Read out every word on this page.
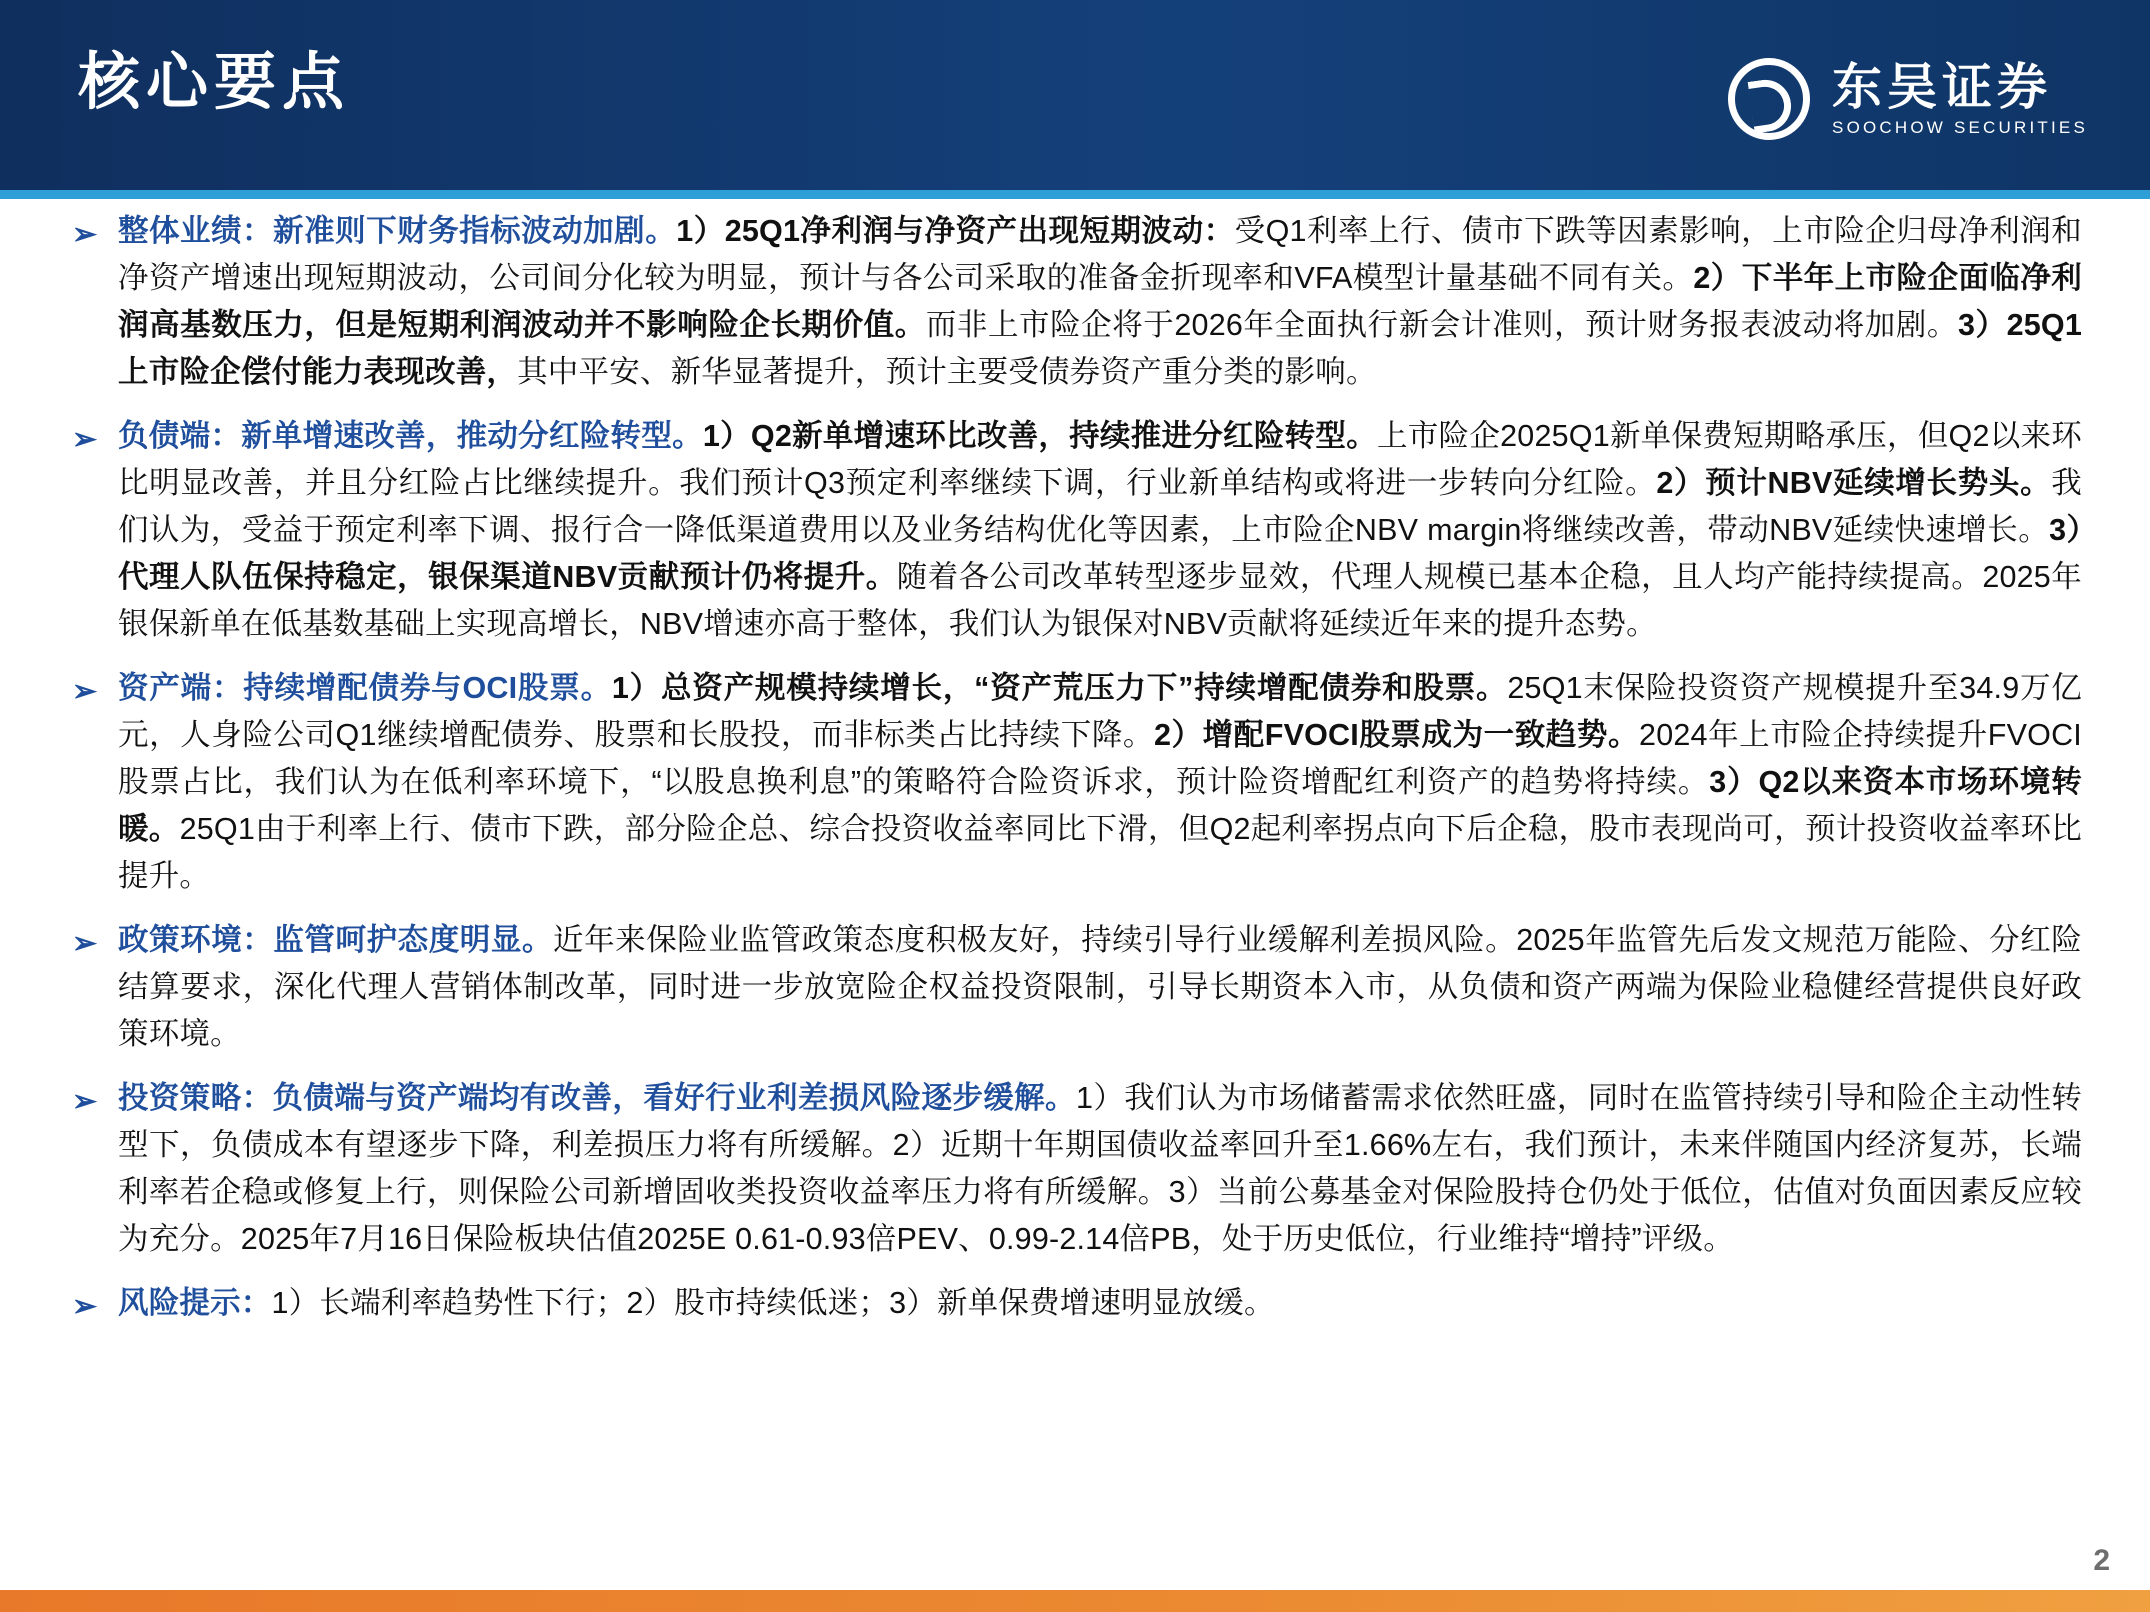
核心要点	东吴证券
SOOCHOW SECURITIES
➢ 整体业绩：新准则下财务指标波动加剧。1）25Q1净利润与净资产出现短期波动：受Q1利率上行、债市下跌等因素影响，上市险企归母净利润和净资产增速出现短期波动，公司间分化较为明显，预计与各公司采取的准备金折现率和VFA模型计量基础不同有关。2）下半年上市险企面临净利润高基数压力，但是短期利润波动并不影响险企长期价值。而非上市险企将于2026年全面执行新会计准则，预计财务报表波动将加剧。3）25Q1上市险企偿付能力表现改善，其中平安、新华显著提升，预计主要受债券资产重分类的影响。
➢ 负债端：新单增速改善，推动分红险转型。1）Q2新单增速环比改善，持续推进分红险转型。上市险企2025Q1新单保费短期略承压，但Q2以来环比明显改善，并且分红险占比继续提升。我们预计Q3预定利率继续下调，行业新单结构或将进一步转向分红险。2）预计NBV延续增长势头。我们认为，受益于预定利率下调、报行合一降低渠道费用以及业务结构优化等因素，上市险企NBV margin将继续改善，带动NBV延续快速增长。3）代理人队伍保持稳定，银保渠道NBV贡献预计仍将提升。随着各公司改革转型逐步显效，代理人规模已基本企稳，且人均产能持续提高。2025年银保新单在低基数基础上实现高增长，NBV增速亦高于整体，我们认为银保对NBV贡献将延续近年来的提升态势。
➢ 资产端：持续增配债券与OCI股票。1）总资产规模持续增长，“资产荒压力下”持续增配债券和股票。25Q1末保险投资资产规模提升至34.9万亿元，人身险公司Q1继续增配债券、股票和长股投，而非标类占比持续下降。2）增配FVOCI股票成为一致趋势。2024年上市险企持续提升FVOCI股票占比，我们认为在低利率环境下，“以股息换利息”的策略符合险资诉求，预计险资增配红利资产的趋势将持续。3）Q2以来资本市场环境转暖。25Q1由于利率上行、债市下跌，部分险企总、综合投资收益率同比下滑，但Q2起利率拐点向下后企稳，股市表现尚可，预计投资收益率环比提升。
➢ 政策环境：监管呵护态度明显。近年来保险业监管政策态度积极友好，持续引导行业缓解利差损风险。2025年监管先后发文规范万能险、分红险结算要求，深化代理人营销体制改革，同时进一步放宽险企权益投资限制，引导长期资本入市，从负债和资产两端为保险业稳健经营提供良好政策环境。
➢ 投资策略：负债端与资产端均有改善，看好行业利差损风险逐步缓解。1）我们认为市场储蓄需求依然旺盛，同时在监管持续引导和险企主动性转型下，负债成本有望逐步下降，利差损压力将有所缓解。2）近期十年期国债收益率回升至1.66%左右，我们预计，未来伴随国内经济复苏，长端利率若企稳或修复上行，则保险公司新增固收类投资收益率压力将有所缓解。3）当前公募基金对保险股持仓仍处于低位，估值对负面因素反应较为充分。2025年7月16日保险板块估值2025E 0.61-0.93倍PEV、0.99-2.14倍PB，处于历史低位，行业维持“增持”评级。
➢ 风险提示：1）长端利率趋势性下行；2）股市持续低迷；3）新单保费增速明显放缓。
2
